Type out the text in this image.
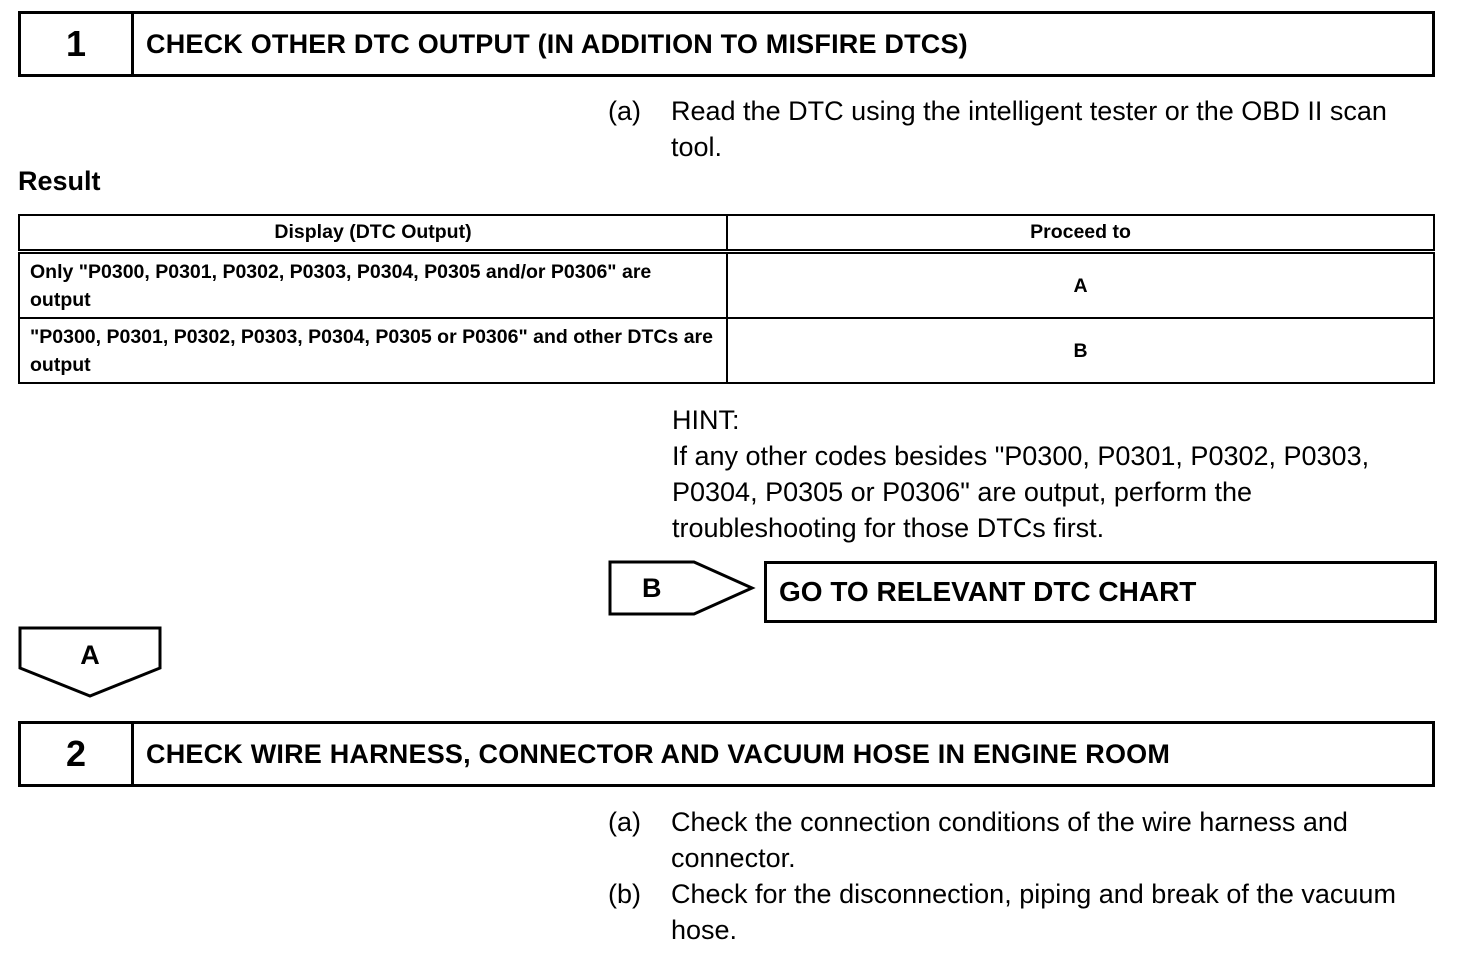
1	CHECK OTHER DTC OUTPUT (IN ADDITION TO MISFIRE DTCS)
(a)	Read the DTC using the intelligent tester or the OBD II scan tool.
Result
Display (DTC Output)	Proceed to
Only "P0300, P0301, P0302, P0303, P0304, P0305 and/or P0306" are output	A
"P0300, P0301, P0302, P0303, P0304, P0305 or P0306" and other DTCs are output	B
HINT:
If any other codes besides "P0300, P0301, P0302, P0303, P0304, P0305 or P0306" are output, perform the troubleshooting for those DTCs first.
B	GO TO RELEVANT DTC CHART
A
2	CHECK WIRE HARNESS, CONNECTOR AND VACUUM HOSE IN ENGINE ROOM
(a)	Check the connection conditions of the wire harness and connector.
(b)	Check for the disconnection, piping and break of the vacuum hose.
